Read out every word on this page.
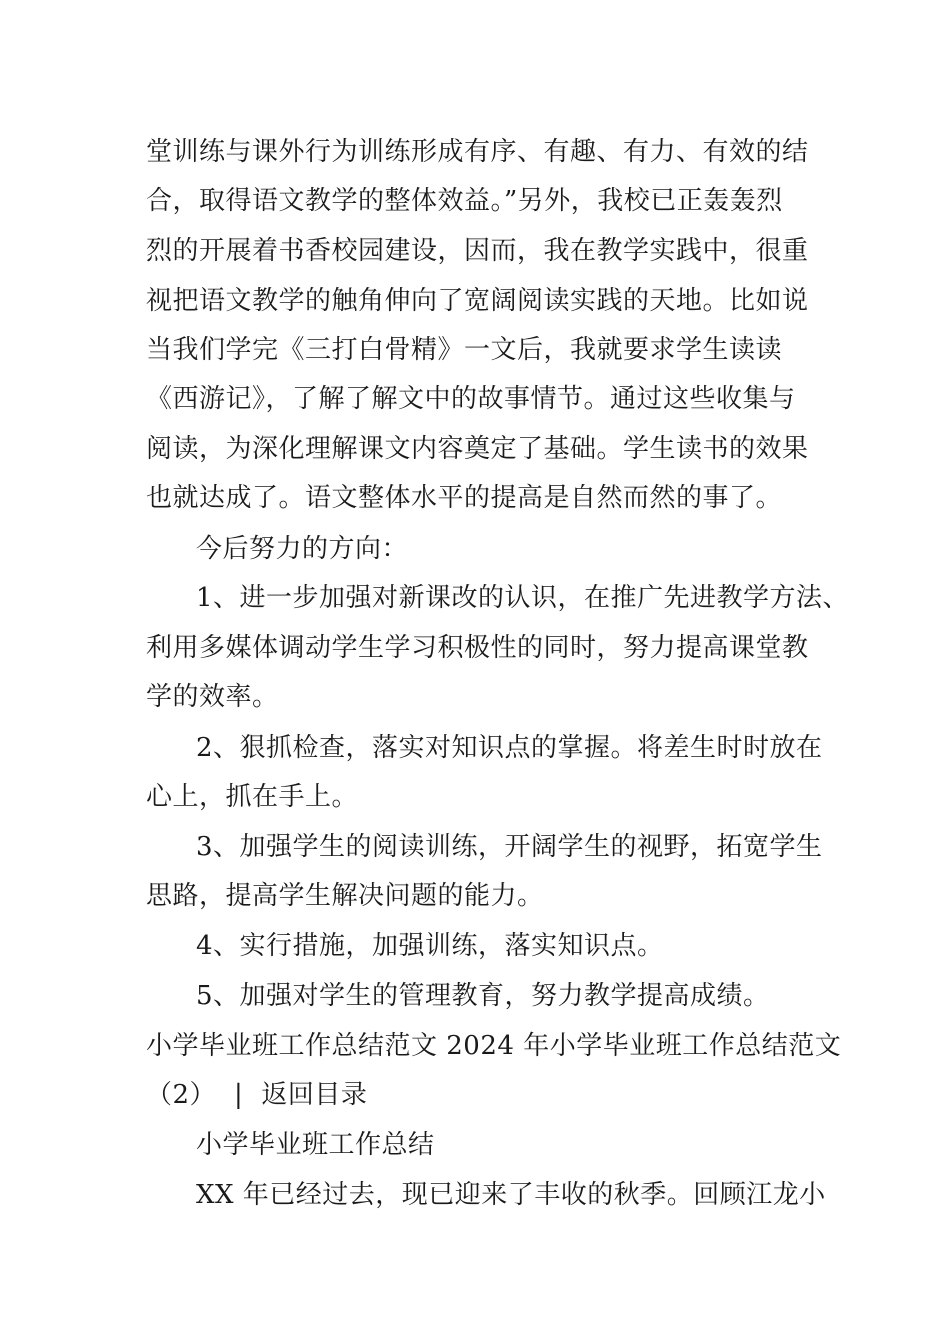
堂训练与课外行为训练形成有序、有趣、有力、有效的结
合，取得语文教学的整体效益。”另外，我校已正轰轰烈
烈的开展着书香校园建设，因而，我在教学实践中，很重
视把语文教学的触角伸向了宽阔阅读实践的天地。比如说
当我们学完《三打白骨精》一文后，我就要求学生读读
《西游记》，了解了解文中的故事情节。通过这些收集与
阅读，为深化理解课文内容奠定了基础。学生读书的效果
也就达成了。语文整体水平的提高是自然而然的事了。
今后努力的方向：
1、进一步加强对新课改的认识，在推广先进教学方法、
利用多媒体调动学生学习积极性的同时，努力提高课堂教
学的效率。
2、狠抓检查，落实对知识点的掌握。将差生时时放在
心上，抓在手上。
3、加强学生的阅读训练，开阔学生的视野，拓宽学生
思路，提高学生解决问题的能力。
4、实行措施，加强训练，落实知识点。
5、加强对学生的管理教育，努力教学提高成绩。
小学毕业班工作总结范文 2024 年小学毕业班工作总结范文
（2） | 返回目录
小学毕业班工作总结
XX 年已经过去，现已迎来了丰收的秋季。回顾江龙小
